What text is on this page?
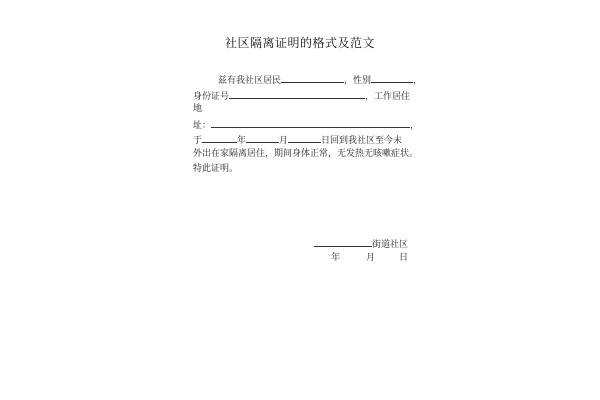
社区隔离证明的格式及范文
兹有我社区居民	，性别	，
身份证号	，工作居住
地
址：	，
于	年	月	日回到我社区至今未
外出在家隔离居住，期间身体正常，无发热无咳嗽症状。
特此证明。
街道社区
年	月	日
